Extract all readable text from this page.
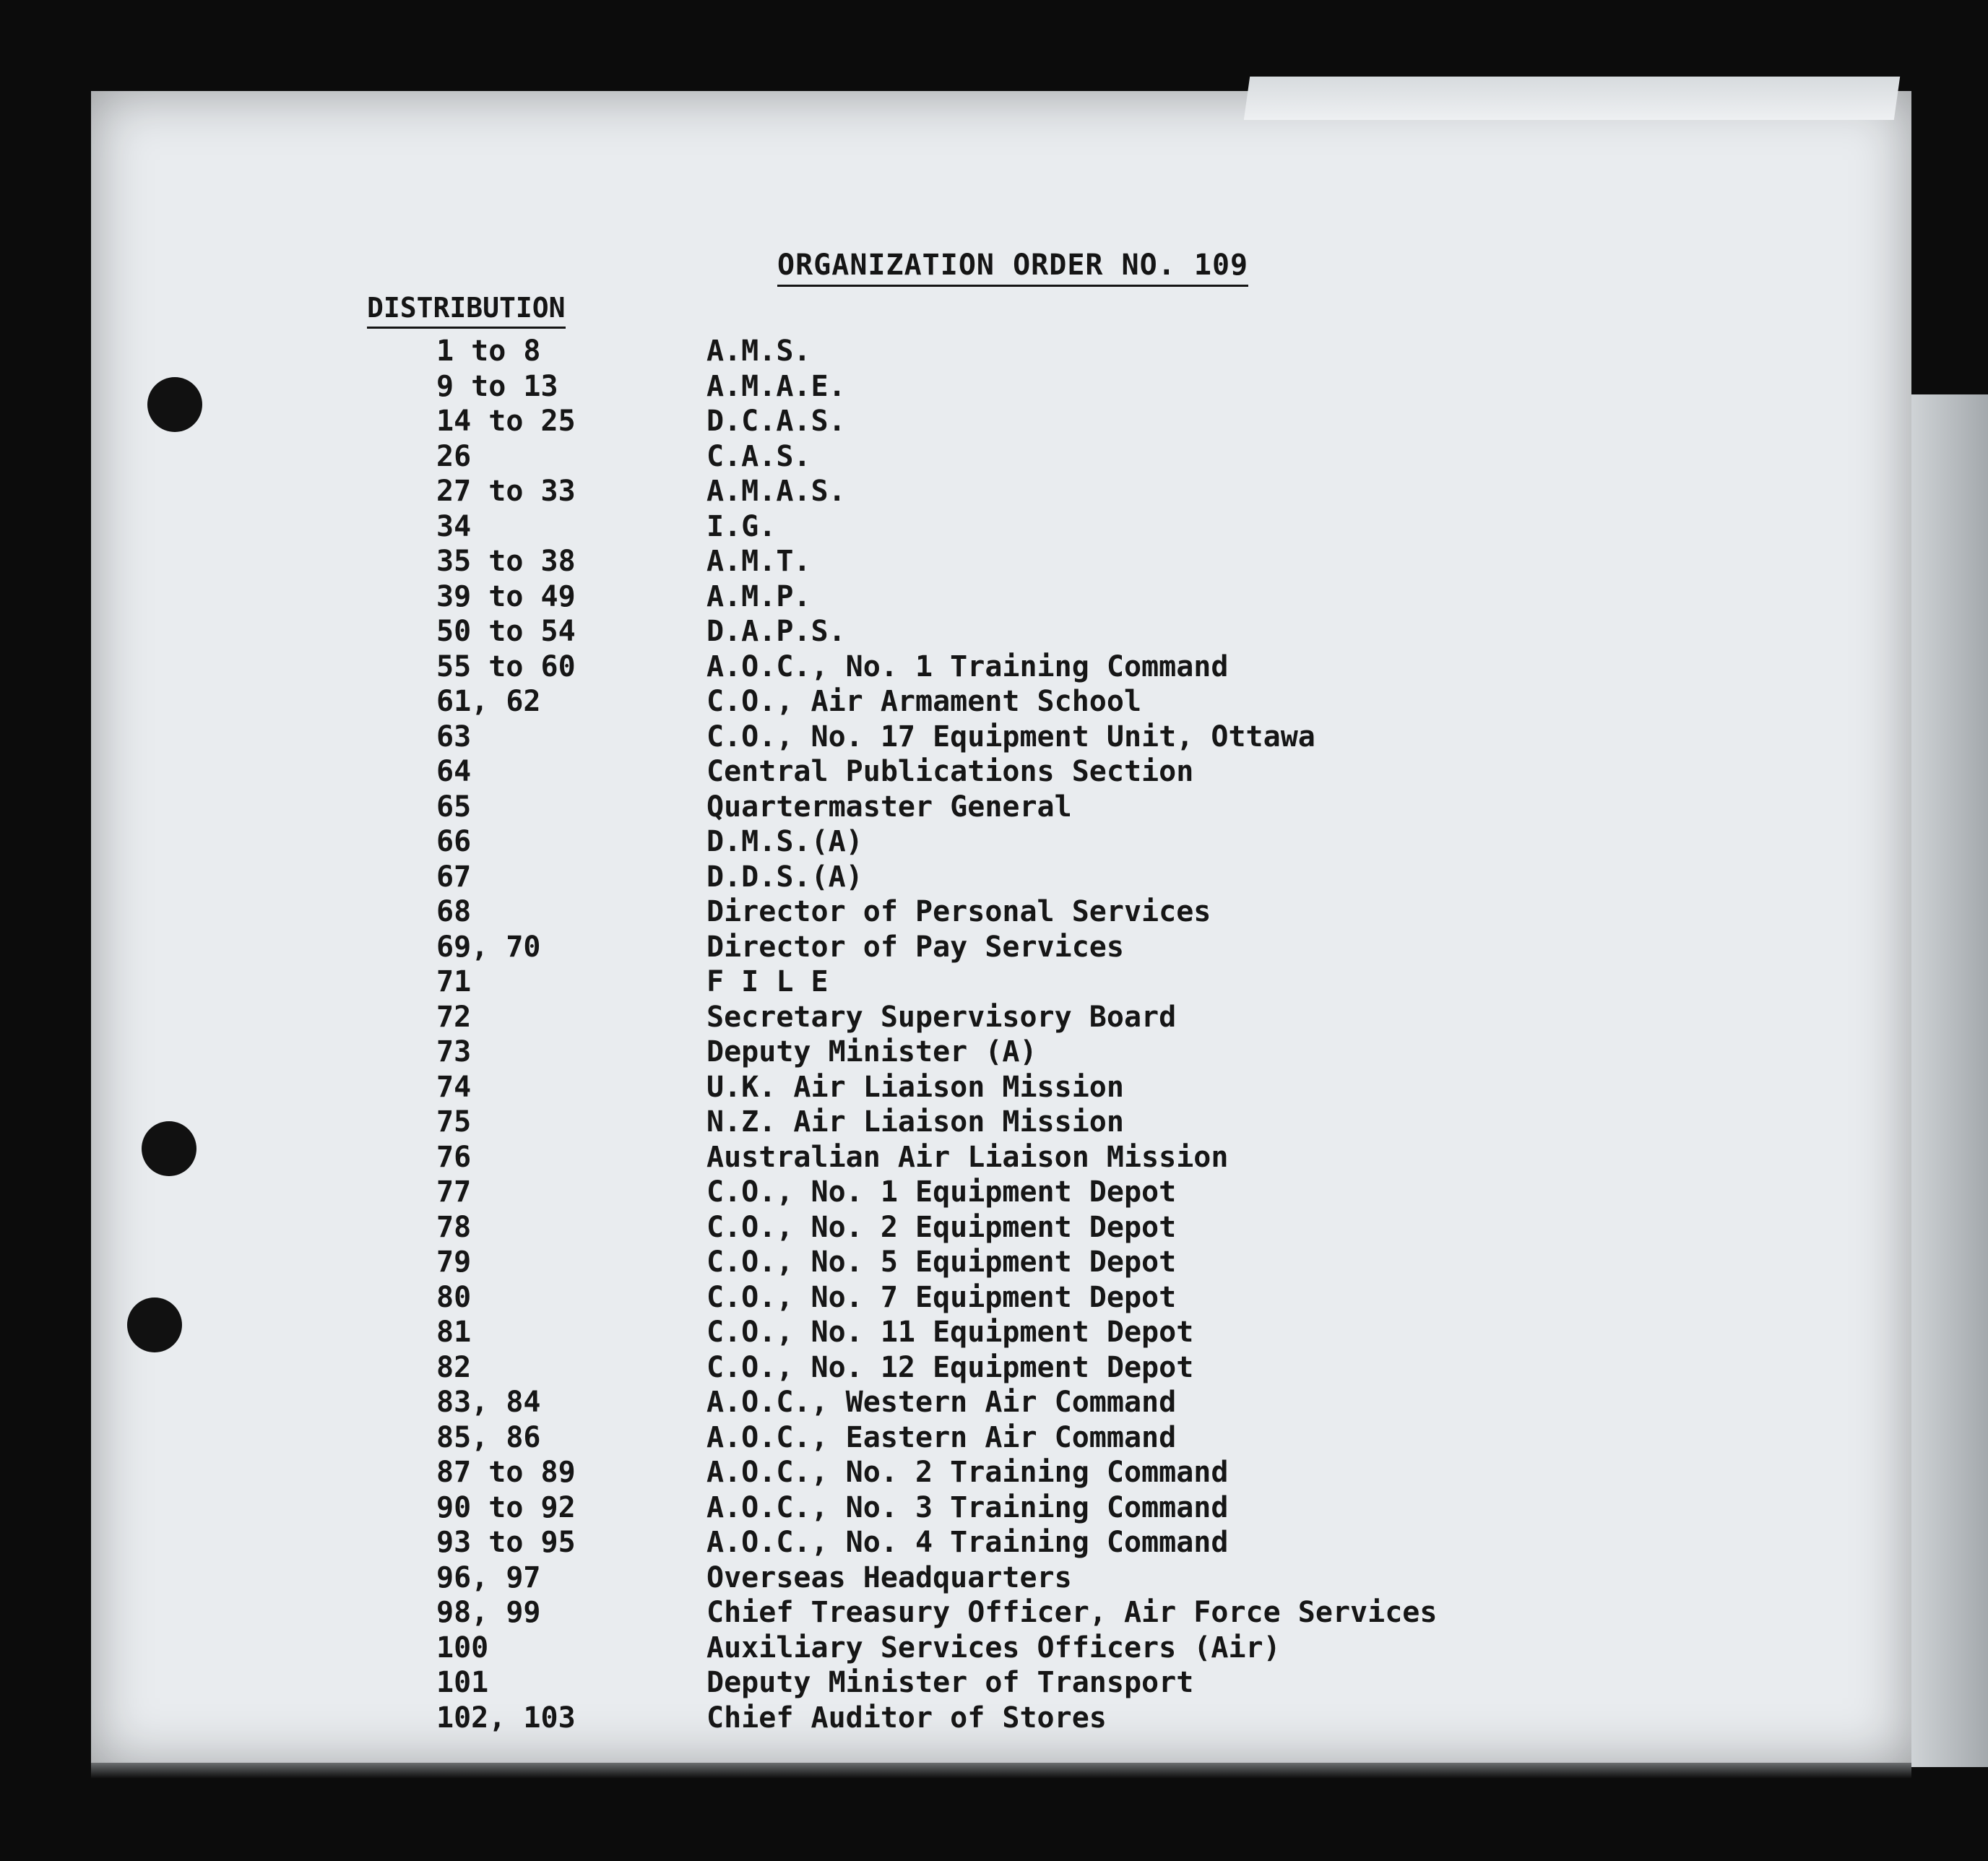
ORGANIZATION ORDER NO. 109
DISTRIBUTION
1 to 8	A.M.S.
9 to 13	A.M.A.E.
14 to 25	D.C.A.S.
26	C.A.S.
27 to 33	A.M.A.S.
34	I.G.
35 to 38	A.M.T.
39 to 49	A.M.P.
50 to 54	D.A.P.S.
55 to 60	A.O.C., No. 1 Training Command
61, 62	C.O., Air Armament School
63	C.O., No. 17 Equipment Unit, Ottawa
64	Central Publications Section
65	Quartermaster General
66	D.M.S.(A)
67	D.D.S.(A)
68	Director of Personal Services
69, 70	Director of Pay Services
71	F I L E
72	Secretary Supervisory Board
73	Deputy Minister (A)
74	U.K. Air Liaison Mission
75	N.Z. Air Liaison Mission
76	Australian Air Liaison Mission
77	C.O., No. 1 Equipment Depot
78	C.O., No. 2 Equipment Depot
79	C.O., No. 5 Equipment Depot
80	C.O., No. 7 Equipment Depot
81	C.O., No. 11 Equipment Depot
82	C.O., No. 12 Equipment Depot
83, 84	A.O.C., Western Air Command
85, 86	A.O.C., Eastern Air Command
87 to 89	A.O.C., No. 2 Training Command
90 to 92	A.O.C., No. 3 Training Command
93 to 95	A.O.C., No. 4 Training Command
96, 97	Overseas Headquarters
98, 99	Chief Treasury Officer, Air Force Services
100	Auxiliary Services Officers (Air)
101	Deputy Minister of Transport
102, 103	Chief Auditor of Stores
